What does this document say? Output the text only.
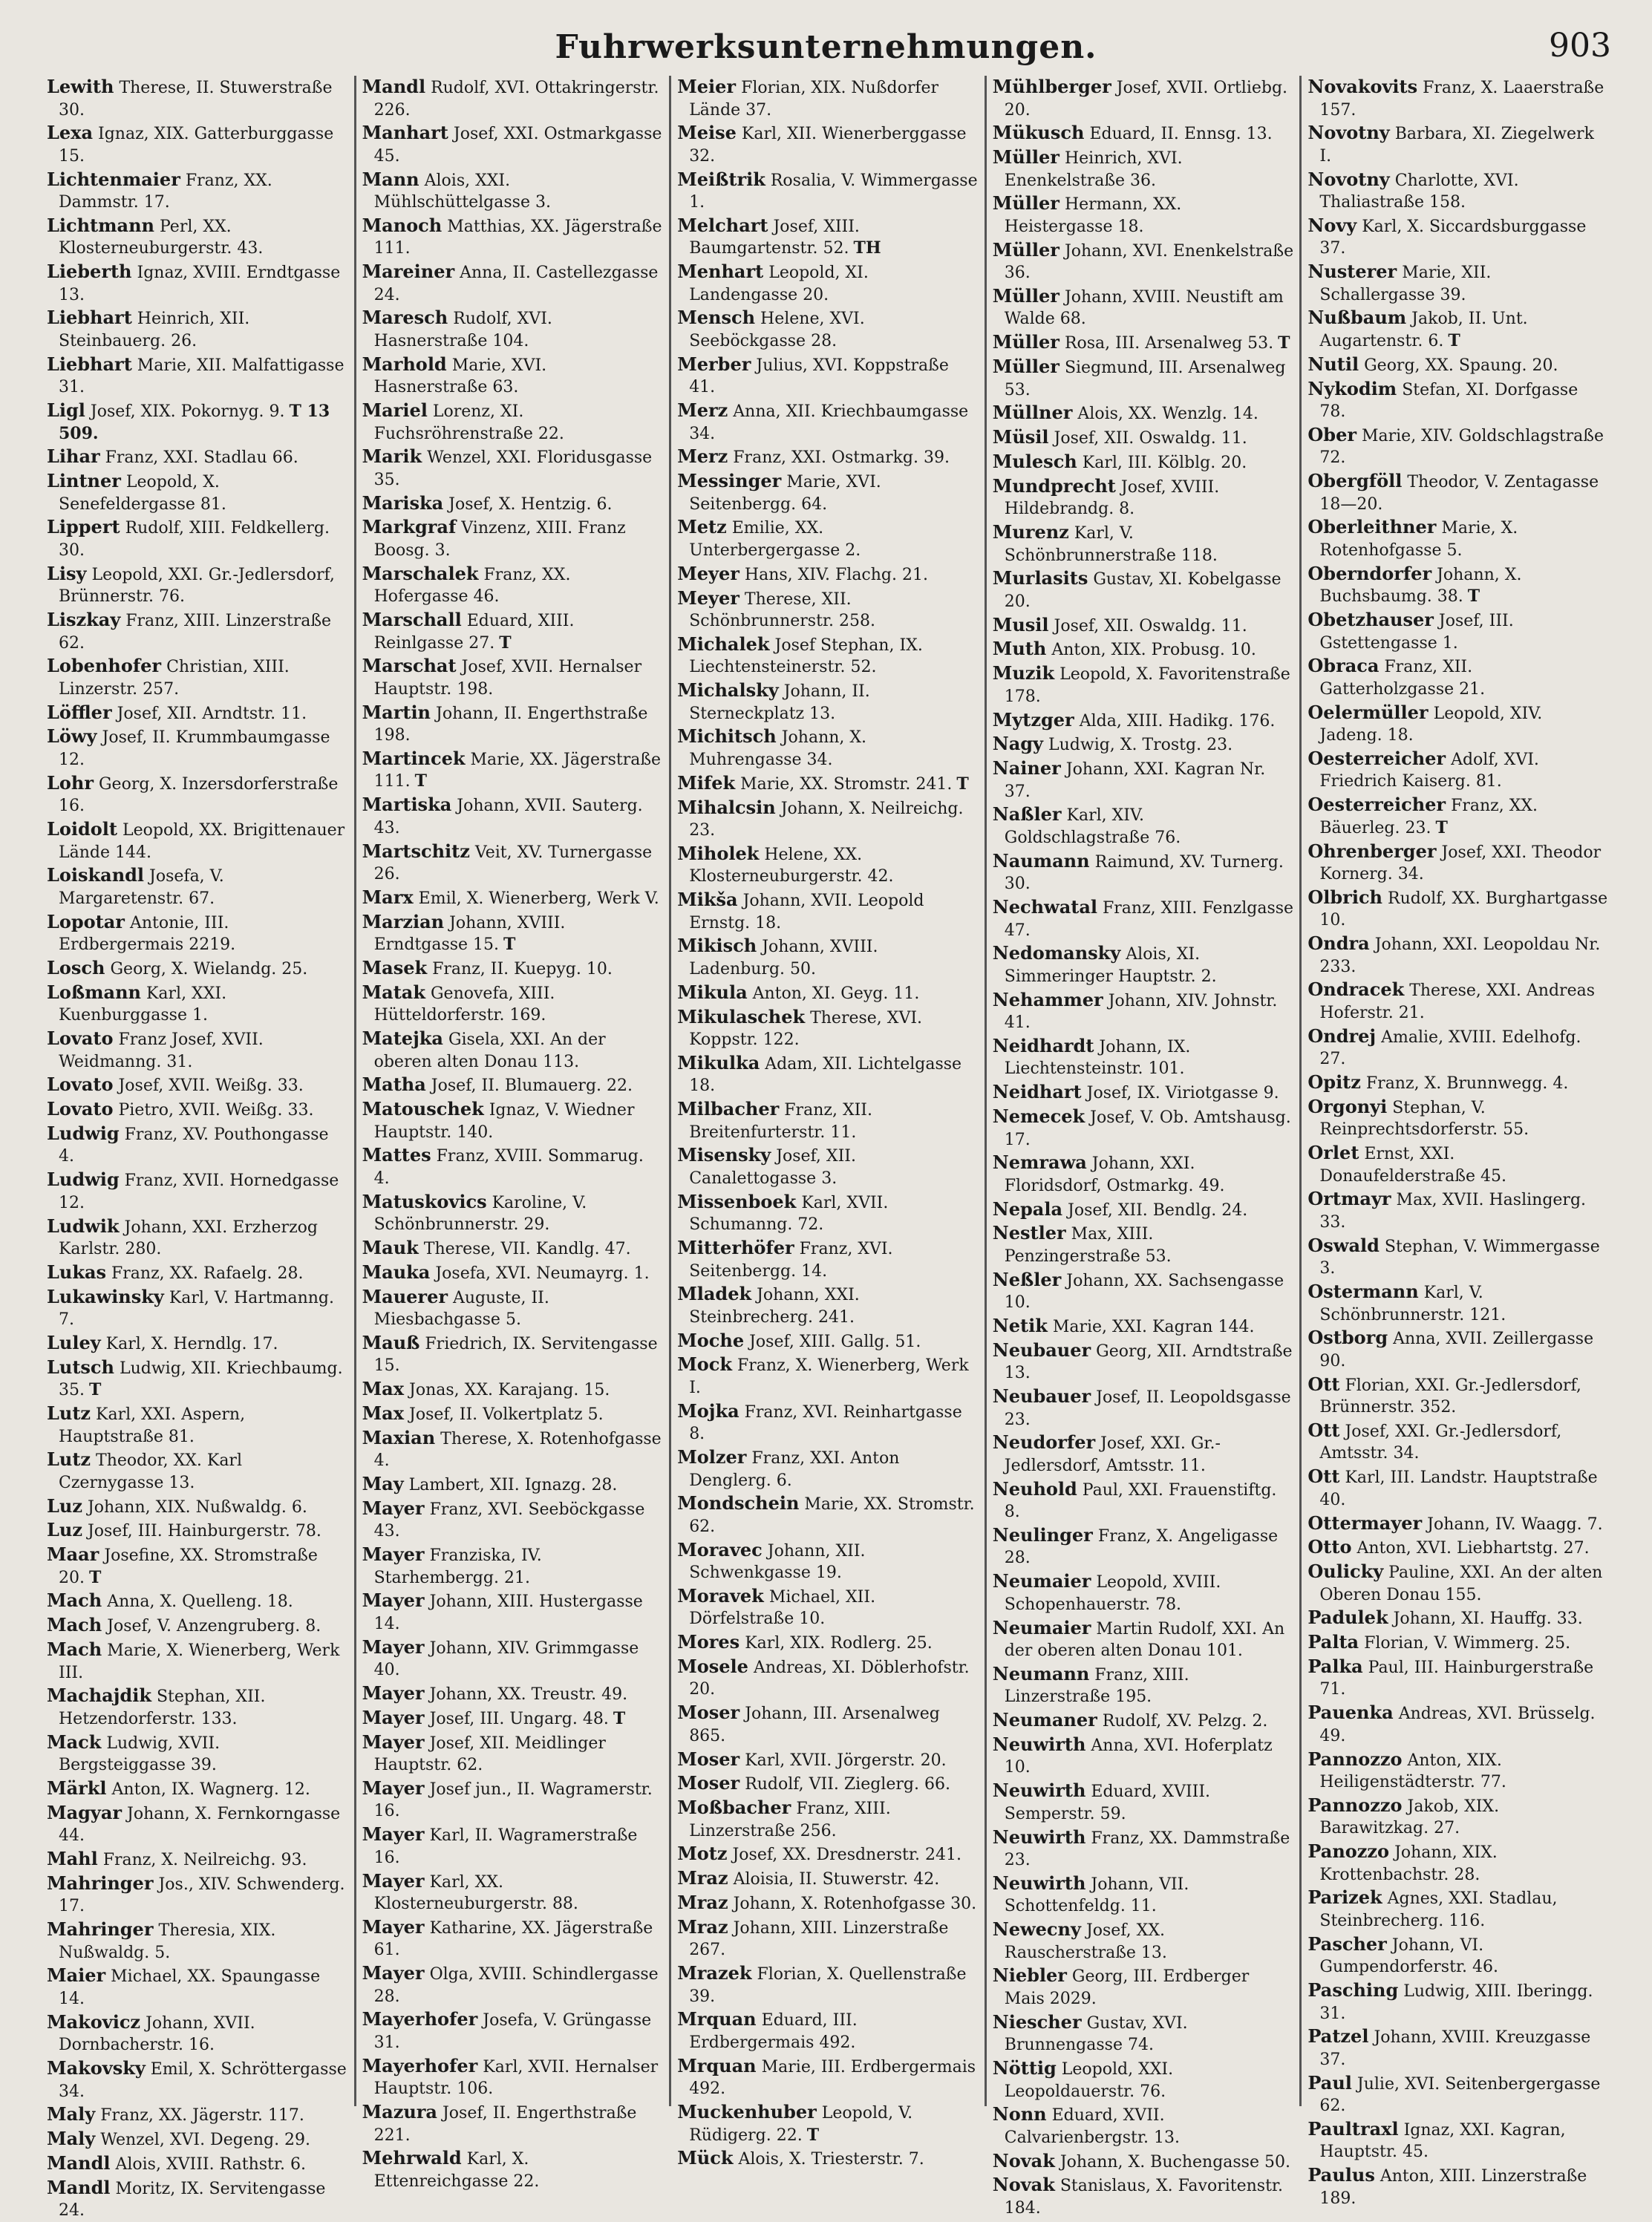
Fuhrwerksunternehmungen.	903

Lewith Therese, II. Stuwerstraße 30.

Lexa Ignaz, XIX. Gatterburggasse 15.

Lichtenmaier Franz, XX. Dammstr. 17.

Lichtmann Perl, XX. Klosterneuburgerstr. 43.

Lieberth Ignaz, XVIII. Erndtgasse 13.

Liebhart Heinrich, XII. Steinbauerg. 26.

Liebhart Marie, XII. Malfattigasse 31.

Ligl Josef, XIX. Pokornyg. 9. T 13 509.

Lihar Franz, XXI. Stadlau 66.

Lintner Leopold, X. Senefeldergasse 81.

Lippert Rudolf, XIII. Feldkellerg. 30.

Lisy Leopold, XXI. Gr.-Jedlersdorf, Brünnerstr. 76.

Liszkay Franz, XIII. Linzerstraße 62.

Lobenhofer Christian, XIII. Linzerstr. 257.

Löffler Josef, XII. Arndtstr. 11.

Löwy Josef, II. Krummbaumgasse 12.

Lohr Georg, X. Inzersdorferstraße 16.

Loidolt Leopold, XX. Brigittenauer Lände 144.

Loiskandl Josefa, V. Margaretenstr. 67.

Lopotar Antonie, III. Erdbergermais 2219.

Losch Georg, X. Wielandg. 25.

Loßmann Karl, XXI. Kuenburggasse 1.

Lovato Franz Josef, XVII. Weidmanng. 31.

Lovato Josef, XVII. Weißg. 33.

Lovato Pietro, XVII. Weißg. 33.

Ludwig Franz, XV. Pouthongasse 4.

Ludwig Franz, XVII. Hornedgasse 12.

Ludwik Johann, XXI. Erzherzog Karlstr. 280.

Lukas Franz, XX. Rafaelg. 28.

Lukawinsky Karl, V. Hartmanng. 7.

Luley Karl, X. Herndlg. 17.

Lutsch Ludwig, XII. Kriechbaumg. 35. T

Lutz Karl, XXI. Aspern, Hauptstraße 81.

Lutz Theodor, XX. Karl Czernygasse 13.

Luz Johann, XIX. Nußwaldg. 6.

Luz Josef, III. Hainburgerstr. 78.

Maar Josefine, XX. Stromstraße 20. T

Mach Anna, X. Quelleng. 18.

Mach Josef, V. Anzengruberg. 8.

Mach Marie, X. Wienerberg, Werk III.

Machajdik Stephan, XII. Hetzendorferstr. 133.

Mack Ludwig, XVII. Bergsteiggasse 39.

Märkl Anton, IX. Wagnerg. 12.

Magyar Johann, X. Fernkorngasse 44.

Mahl Franz, X. Neilreichg. 93.

Mahringer Jos., XIV. Schwenderg. 17.

Mahringer Theresia, XIX. Nußwaldg. 5.

Maier Michael, XX. Spaungasse 14.

Makovicz Johann, XVII. Dornbacherstr. 16.

Makovsky Emil, X. Schröttergasse 34.

Maly Franz, XX. Jägerstr. 117.

Maly Wenzel, XVI. Degeng. 29.

Mandl Alois, XVIII. Rathstr. 6.

Mandl Moritz, IX. Servitengasse 24.

Mandl Rudolf, XVI. Ottakringerstr. 226.

Manhart Josef, XXI. Ostmarkgasse 45.

Mann Alois, XXI. Mühlschüttelgasse 3.

Manoch Matthias, XX. Jägerstraße 111.

Mareiner Anna, II. Castellezgasse 24.

Maresch Rudolf, XVI. Hasnerstraße 104.

Marhold Marie, XVI. Hasnerstraße 63.

Mariel Lorenz, XI. Fuchsröhrenstraße 22.

Marik Wenzel, XXI. Floridusgasse 35.

Mariska Josef, X. Hentzig. 6.

Markgraf Vinzenz, XIII. Franz Boosg. 3.

Marschalek Franz, XX. Hofergasse 46.

Marschall Eduard, XIII. Reinlgasse 27. T

Marschat Josef, XVII. Hernalser Hauptstr. 198.

Martin Johann, II. Engerthstraße 198.

Martincek Marie, XX. Jägerstraße 111. T

Martiska Johann, XVII. Sauterg. 43.

Martschitz Veit, XV. Turnergasse 26.

Marx Emil, X. Wienerberg, Werk V.

Marzian Johann, XVIII. Erndtgasse 15. T

Masek Franz, II. Kuepyg. 10.

Matak Genovefa, XIII. Hütteldorferstr. 169.

Matejka Gisela, XXI. An der oberen alten Donau 113.

Matha Josef, II. Blumauerg. 22.

Matouschek Ignaz, V. Wiedner Hauptstr. 140.

Mattes Franz, XVIII. Sommarug. 4.

Matuskovics Karoline, V. Schönbrunnerstr. 29.

Mauk Therese, VII. Kandlg. 47.

Mauka Josefa, XVI. Neumayrg. 1.

Mauerer Auguste, II. Miesbachgasse 5.

Mauß Friedrich, IX. Servitengasse 15.

Max Jonas, XX. Karajang. 15.

Max Josef, II. Volkertplatz 5.

Maxian Therese, X. Rotenhofgasse 4.

May Lambert, XII. Ignazg. 28.

Mayer Franz, XVI. Seeböckgasse 43.

Mayer Franziska, IV. Starhembergg. 21.

Mayer Johann, XIII. Hustergasse 14.

Mayer Johann, XIV. Grimmgasse 40.

Mayer Johann, XX. Treustr. 49.

Mayer Josef, III. Ungarg. 48. T

Mayer Josef, XII. Meidlinger Hauptstr. 62.

Mayer Josef jun., II. Wagramerstr. 16.

Mayer Karl, II. Wagramerstraße 16.

Mayer Karl, XX. Klosterneuburgerstr. 88.

Mayer Katharine, XX. Jägerstraße 61.

Mayer Olga, XVIII. Schindlergasse 28.

Mayerhofer Josefa, V. Grüngasse 31.

Mayerhofer Karl, XVII. Hernalser Hauptstr. 106.

Mazura Josef, II. Engerthstraße 221.

Mehrwald Karl, X. Ettenreichgasse 22.

Meier Florian, XIX. Nußdorfer Lände 37.

Meise Karl, XII. Wienerberggasse 32.

Meißtrik Rosalia, V. Wimmergasse 1.

Melchart Josef, XIII. Baumgartenstr. 52. TH

Menhart Leopold, XI. Landengasse 20.

Mensch Helene, XVI. Seeböckgasse 28.

Merber Julius, XVI. Koppstraße 41.

Merz Anna, XII. Kriechbaumgasse 34.

Merz Franz, XXI. Ostmarkg. 39.

Messinger Marie, XVI. Seitenbergg. 64.

Metz Emilie, XX. Unterbergergasse 2.

Meyer Hans, XIV. Flachg. 21.

Meyer Therese, XII. Schönbrunnerstr. 258.

Michalek Josef Stephan, IX. Liechtensteinerstr. 52.

Michalsky Johann, II. Sterneckplatz 13.

Michitsch Johann, X. Muhrengasse 34.

Mifek Marie, XX. Stromstr. 241. T

Mihalcsin Johann, X. Neilreichg. 23.

Miholek Helene, XX. Klosterneuburgerstr. 42.

Mikša Johann, XVII. Leopold Ernstg. 18.

Mikisch Johann, XVIII. Ladenburg. 50.

Mikula Anton, XI. Geyg. 11.

Mikulaschek Therese, XVI. Koppstr. 122.

Mikulka Adam, XII. Lichtelgasse 18.

Milbacher Franz, XII. Breitenfurterstr. 11.

Misensky Josef, XII. Canalettogasse 3.

Missenboek Karl, XVII. Schumanng. 72.

Mitterhöfer Franz, XVI. Seitenbergg. 14.

Mladek Johann, XXI. Steinbrecherg. 241.

Moche Josef, XIII. Gallg. 51.

Mock Franz, X. Wienerberg, Werk I.

Mojka Franz, XVI. Reinhartgasse 8.

Molzer Franz, XXI. Anton Denglerg. 6.

Mondschein Marie, XX. Stromstr. 62.

Moravec Johann, XII. Schwenkgasse 19.

Moravek Michael, XII. Dörfelstraße 10.

Mores Karl, XIX. Rodlerg. 25.

Mosele Andreas, XI. Döblerhofstr. 20.

Moser Johann, III. Arsenalweg 865.

Moser Karl, XVII. Jörgerstr. 20.

Moser Rudolf, VII. Zieglerg. 66.

Moßbacher Franz, XIII. Linzerstraße 256.

Motz Josef, XX. Dresdnerstr. 241.

Mraz Aloisia, II. Stuwerstr. 42.

Mraz Johann, X. Rotenhofgasse 30.

Mraz Johann, XIII. Linzerstraße 267.

Mrazek Florian, X. Quellenstraße 39.

Mrquan Eduard, III. Erdbergermais 492.

Mrquan Marie, III. Erdbergermais 492.

Muckenhuber Leopold, V. Rüdigerg. 22. T

Mück Alois, X. Triesterstr. 7.

Mühlberger Josef, XVII. Ortliebg. 20.

Mükusch Eduard, II. Ennsg. 13.

Müller Heinrich, XVI. Enenkelstraße 36.

Müller Hermann, XX. Heistergasse 18.

Müller Johann, XVI. Enenkelstraße 36.

Müller Johann, XVIII. Neustift am Walde 68.

Müller Rosa, III. Arsenalweg 53. T

Müller Siegmund, III. Arsenalweg 53.

Müllner Alois, XX. Wenzlg. 14.

Müsil Josef, XII. Oswaldg. 11.

Mulesch Karl, III. Kölblg. 20.

Mundprecht Josef, XVIII. Hildebrandg. 8.

Murenz Karl, V. Schönbrunnerstraße 118.

Murlasits Gustav, XI. Kobelgasse 20.

Musil Josef, XII. Oswaldg. 11.

Muth Anton, XIX. Probusg. 10.

Muzik Leopold, X. Favoritenstraße 178.

Mytzger Alda, XIII. Hadikg. 176.

Nagy Ludwig, X. Trostg. 23.

Nainer Johann, XXI. Kagran Nr. 37.

Naßler Karl, XIV. Goldschlagstraße 76.

Naumann Raimund, XV. Turnerg. 30.

Nechwatal Franz, XIII. Fenzlgasse 47.

Nedomansky Alois, XI. Simmeringer Hauptstr. 2.

Nehammer Johann, XIV. Johnstr. 41.

Neidhardt Johann, IX. Liechtensteinstr. 101.

Neidhart Josef, IX. Viriotgasse 9.

Nemecek Josef, V. Ob. Amtshausg. 17.

Nemrawa Johann, XXI. Floridsdorf, Ostmarkg. 49.

Nepala Josef, XII. Bendlg. 24.

Nestler Max, XIII. Penzingerstraße 53.

Neßler Johann, XX. Sachsengasse 10.

Netik Marie, XXI. Kagran 144.

Neubauer Georg, XII. Arndtstraße 13.

Neubauer Josef, II. Leopoldsgasse 23.

Neudorfer Josef, XXI. Gr.-Jedlersdorf, Amtsstr. 11.

Neuhold Paul, XXI. Frauenstiftg. 8.

Neulinger Franz, X. Angeligasse 28.

Neumaier Leopold, XVIII. Schopenhauerstr. 78.

Neumaier Martin Rudolf, XXI. An der oberen alten Donau 101.

Neumann Franz, XIII. Linzerstraße 195.

Neumaner Rudolf, XV. Pelzg. 2.

Neuwirth Anna, XVI. Hoferplatz 10.

Neuwirth Eduard, XVIII. Semperstr. 59.

Neuwirth Franz, XX. Dammstraße 23.

Neuwirth Johann, VII. Schottenfeldg. 11.

Newecny Josef, XX. Rauscherstraße 13.

Niebler Georg, III. Erdberger Mais 2029.

Niescher Gustav, XVI. Brunnengasse 74.

Nöttig Leopold, XXI. Leopoldauerstr. 76.

Nonn Eduard, XVII. Calvarienbergstr. 13.

Novak Johann, X. Buchengasse 50.

Novak Stanislaus, X. Favoritenstr. 184.

Novakovits Franz, X. Laaerstraße 157.

Novotny Barbara, XI. Ziegelwerk I.

Novotny Charlotte, XVI. Thaliastraße 158.

Novy Karl, X. Siccardsburggasse 37.

Nusterer Marie, XII. Schallergasse 39.

Nußbaum Jakob, II. Unt. Augartenstr. 6. T

Nutil Georg, XX. Spaung. 20.

Nykodim Stefan, XI. Dorfgasse 78.

Ober Marie, XIV. Goldschlagstraße 72.

Obergföll Theodor, V. Zentagasse 18—20.

Oberleithner Marie, X. Rotenhofgasse 5.

Oberndorfer Johann, X. Buchsbaumg. 38. T

Obetzhauser Josef, III. Gstettengasse 1.

Obraca Franz, XII. Gatterholzgasse 21.

Oelermüller Leopold, XIV. Jadeng. 18.

Oesterreicher Adolf, XVI. Friedrich Kaiserg. 81.

Oesterreicher Franz, XX. Bäuerleg. 23. T

Ohrenberger Josef, XXI. Theodor Kornerg. 34.

Olbrich Rudolf, XX. Burghartgasse 10.

Ondra Johann, XXI. Leopoldau Nr. 233.

Ondracek Therese, XXI. Andreas Hoferstr. 21.

Ondrej Amalie, XVIII. Edelhofg. 27.

Opitz Franz, X. Brunnwegg. 4.

Orgonyi Stephan, V. Reinprechtsdorferstr. 55.

Orlet Ernst, XXI. Donaufelderstraße 45.

Ortmayr Max, XVII. Haslingerg. 33.

Oswald Stephan, V. Wimmergasse 3.

Ostermann Karl, V. Schönbrunnerstr. 121.

Ostborg Anna, XVII. Zeillergasse 90.

Ott Florian, XXI. Gr.-Jedlersdorf, Brünnerstr. 352.

Ott Josef, XXI. Gr.-Jedlersdorf, Amtsstr. 34.

Ott Karl, III. Landstr. Hauptstraße 40.

Ottermayer Johann, IV. Waagg. 7.

Otto Anton, XVI. Liebhartstg. 27.

Oulicky Pauline, XXI. An der alten Oberen Donau 155.

Padulek Johann, XI. Hauffg. 33.

Palta Florian, V. Wimmerg. 25.

Palka Paul, III. Hainburgerstraße 71.

Pauenka Andreas, XVI. Brüsselg. 49.

Pannozzo Anton, XIX. Heiligenstädterstr. 77.

Pannozzo Jakob, XIX. Barawitzkag. 27.

Panozzo Johann, XIX. Krottenbachstr. 28.

Parizek Agnes, XXI. Stadlau, Steinbrecherg. 116.

Pascher Johann, VI. Gumpendorferstr. 46.

Pasching Ludwig, XIII. Iberingg. 31.

Patzel Johann, XVIII. Kreuzgasse 37.

Paul Julie, XVI. Seitenbergergasse 62.

Paultraxl Ignaz, XXI. Kagran, Hauptstr. 45.

Paulus Anton, XIII. Linzerstraße 189.
